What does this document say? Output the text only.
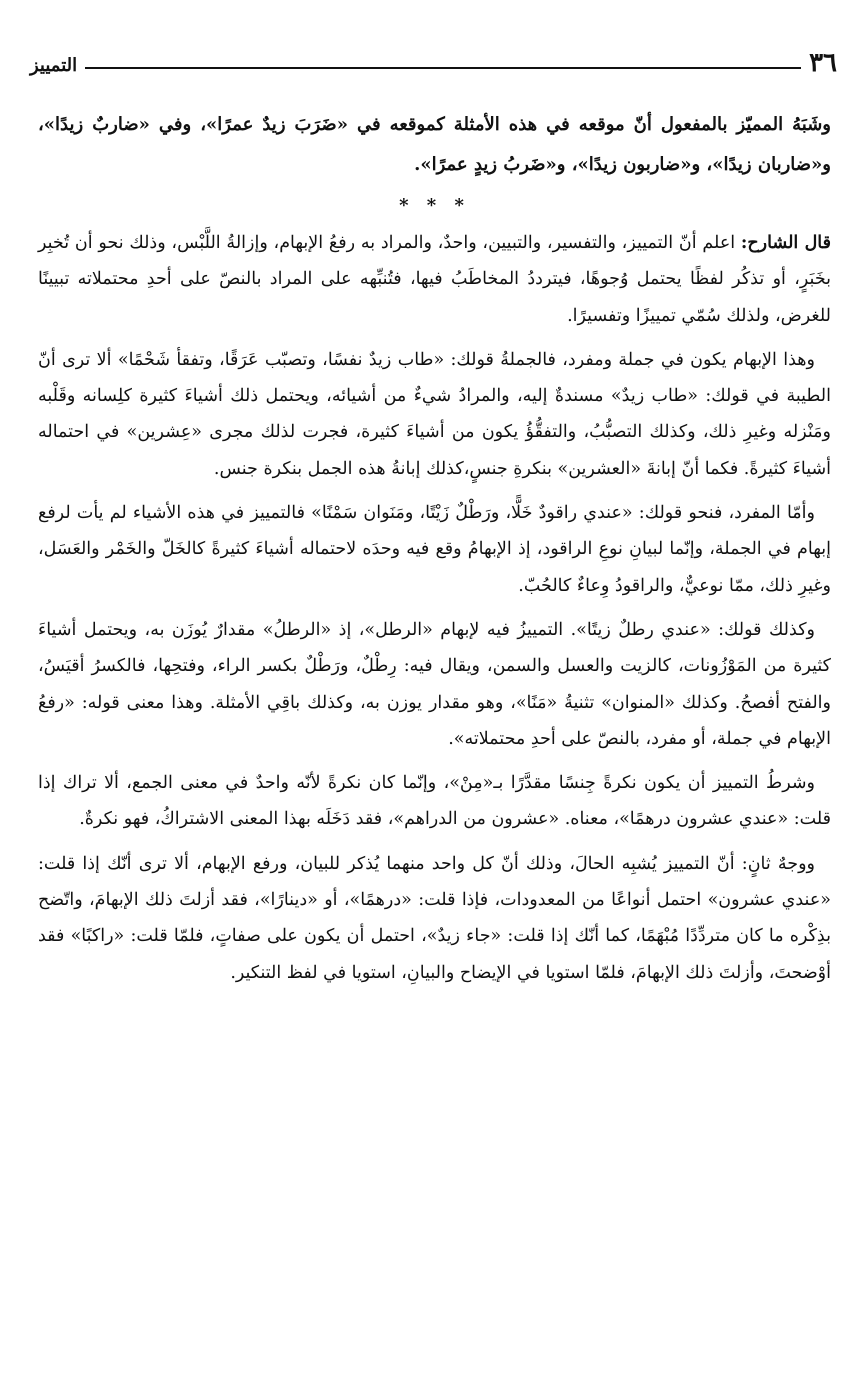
٣٦
التمييز

وشَبَهُ المميّز بالمفعول أنّ موقعه في هذه الأمثلة كموقعه في «ضَرَبَ زيدٌ عمرًا»، وفي «ضاربٌ زيدًا»، و«ضاربان زيدًا»، و«ضاربون زيدًا»، و«ضَربُ زيدٍ عمرًا».

* * *

قال الشارح: اعلم أنّ التمييز، والتفسير، والتبيين، واحدٌ، والمراد به رفعُ الإبهام، وإزالةُ اللَّبْس، وذلك نحو أن تُخبِر بخَبَرٍ، أو تذكُر لفظًا يحتمل وُجوهًا، فيترددُ المخاطَبُ فيها، فتُنبِّهه على المراد بالنصّ على أحدِ محتملاته تبيينًا للغرض، ولذلك سُمّي تمييزًا وتفسيرًا.

وهذا الإبهام يكون في جملة ومفرد، فالجملةُ قولك: «طاب زيدٌ نفسًا، وتصبّب عَرَقًا، وتفقأ شَحْمًا» ألا ترى أنّ الطيبة في قولك: «طاب زيدٌ» مسندةٌ إليه، والمرادُ شيءٌ من أشيائه، ويحتمل ذلك أشياءَ كثيرة كلِسانه وقَلْبه ومَنْزله وغيرِ ذلك، وكذلك التصبُّبُ، والتفقُّؤُ يكون من أشياءَ كثيرة، فجرت لذلك مجرى «عِشرين» في احتماله أشياءَ كثيرةً. فكما أنّ إبانةَ «العشرين» بنكرةِ جنسٍ،كذلك إبانةُ هذه الجمل بنكرة جنس.

وأمّا المفرد، فنحو قولك: «عندي راقودٌ خَلًّا، ورَطْلٌ زَيْتًا، ومَنَوان سَمْنًا» فالتمييز في هذه الأشياء لم يأت لرفع إبهام في الجملة، وإنّما لبيانِ نوعِ الراقود، إذ الإبهامُ وقع فيه وحدَه لاحتماله أشياءَ كثيرةً كالخَلّ والخَمْر والعَسَل، وغيرِ ذلك، ممّا نوعيٌّ، والراقودُ وِعاءٌ كالحُبّ.

وكذلك قولك: «عندي رطلٌ زيتًا». التمييزُ فيه لإبهام «الرطل»، إذ «الرطلُ» مقدارٌ يُوزَن به، ويحتمل أشياءَ كثيرة من المَوْزُونات، كالزيت والعسل والسمن، ويقال فيه: رِطْلٌ، ورَطْلٌ بكسر الراء، وفتحِها، فالكسرُ أقيَسُ، والفتح أفصحُ. وكذلك «المنوان» تثنيةُ «مَنًا»، وهو مقدار يوزن به، وكذلك باقِي الأمثلة. وهذا معنى قوله: «رفعُ الإبهام في جملة، أو مفرد، بالنصّ على أحدِ محتملاته».

وشرطُ التمييز أن يكون نكرةً جِنسًا مقدَّرًا بـ«مِنْ»، وإنّما كان نكرةً لأنّه واحدٌ في معنى الجمع، ألا تراك إذا قلت: «عندي عشرون درهمًا»، معناه. «عشرون من الدراهم»، فقد دَخَلَه بهذا المعنى الاشتراكُ، فهو نكرةٌ.

ووجهٌ ثانٍ: أنّ التمييز يُشبِه الحالَ، وذلك أنّ كل واحد منهما يُذكر للبيان، ورفع الإبهام، ألا ترى أنّك إذا قلت: «عندي عشرون» احتمل أنواعًا من المعدودات، فإذا قلت: «درهمًا»، أو «دينارًا»، فقد أزلتَ ذلك الإبهامَ، واتّضح بذِكْره ما كان متردِّدًا مُبْهَمًا، كما أنّك إذا قلت: «جاء زيدٌ»، احتمل أن يكون على صفاتٍ، فلمّا قلت: «راكبًا» فقد أوْضحتَ، وأزلتَ ذلك الإبهامَ، فلمّا استويا في الإيضاح والبيانِ، استويا في لفظ التنكير.
